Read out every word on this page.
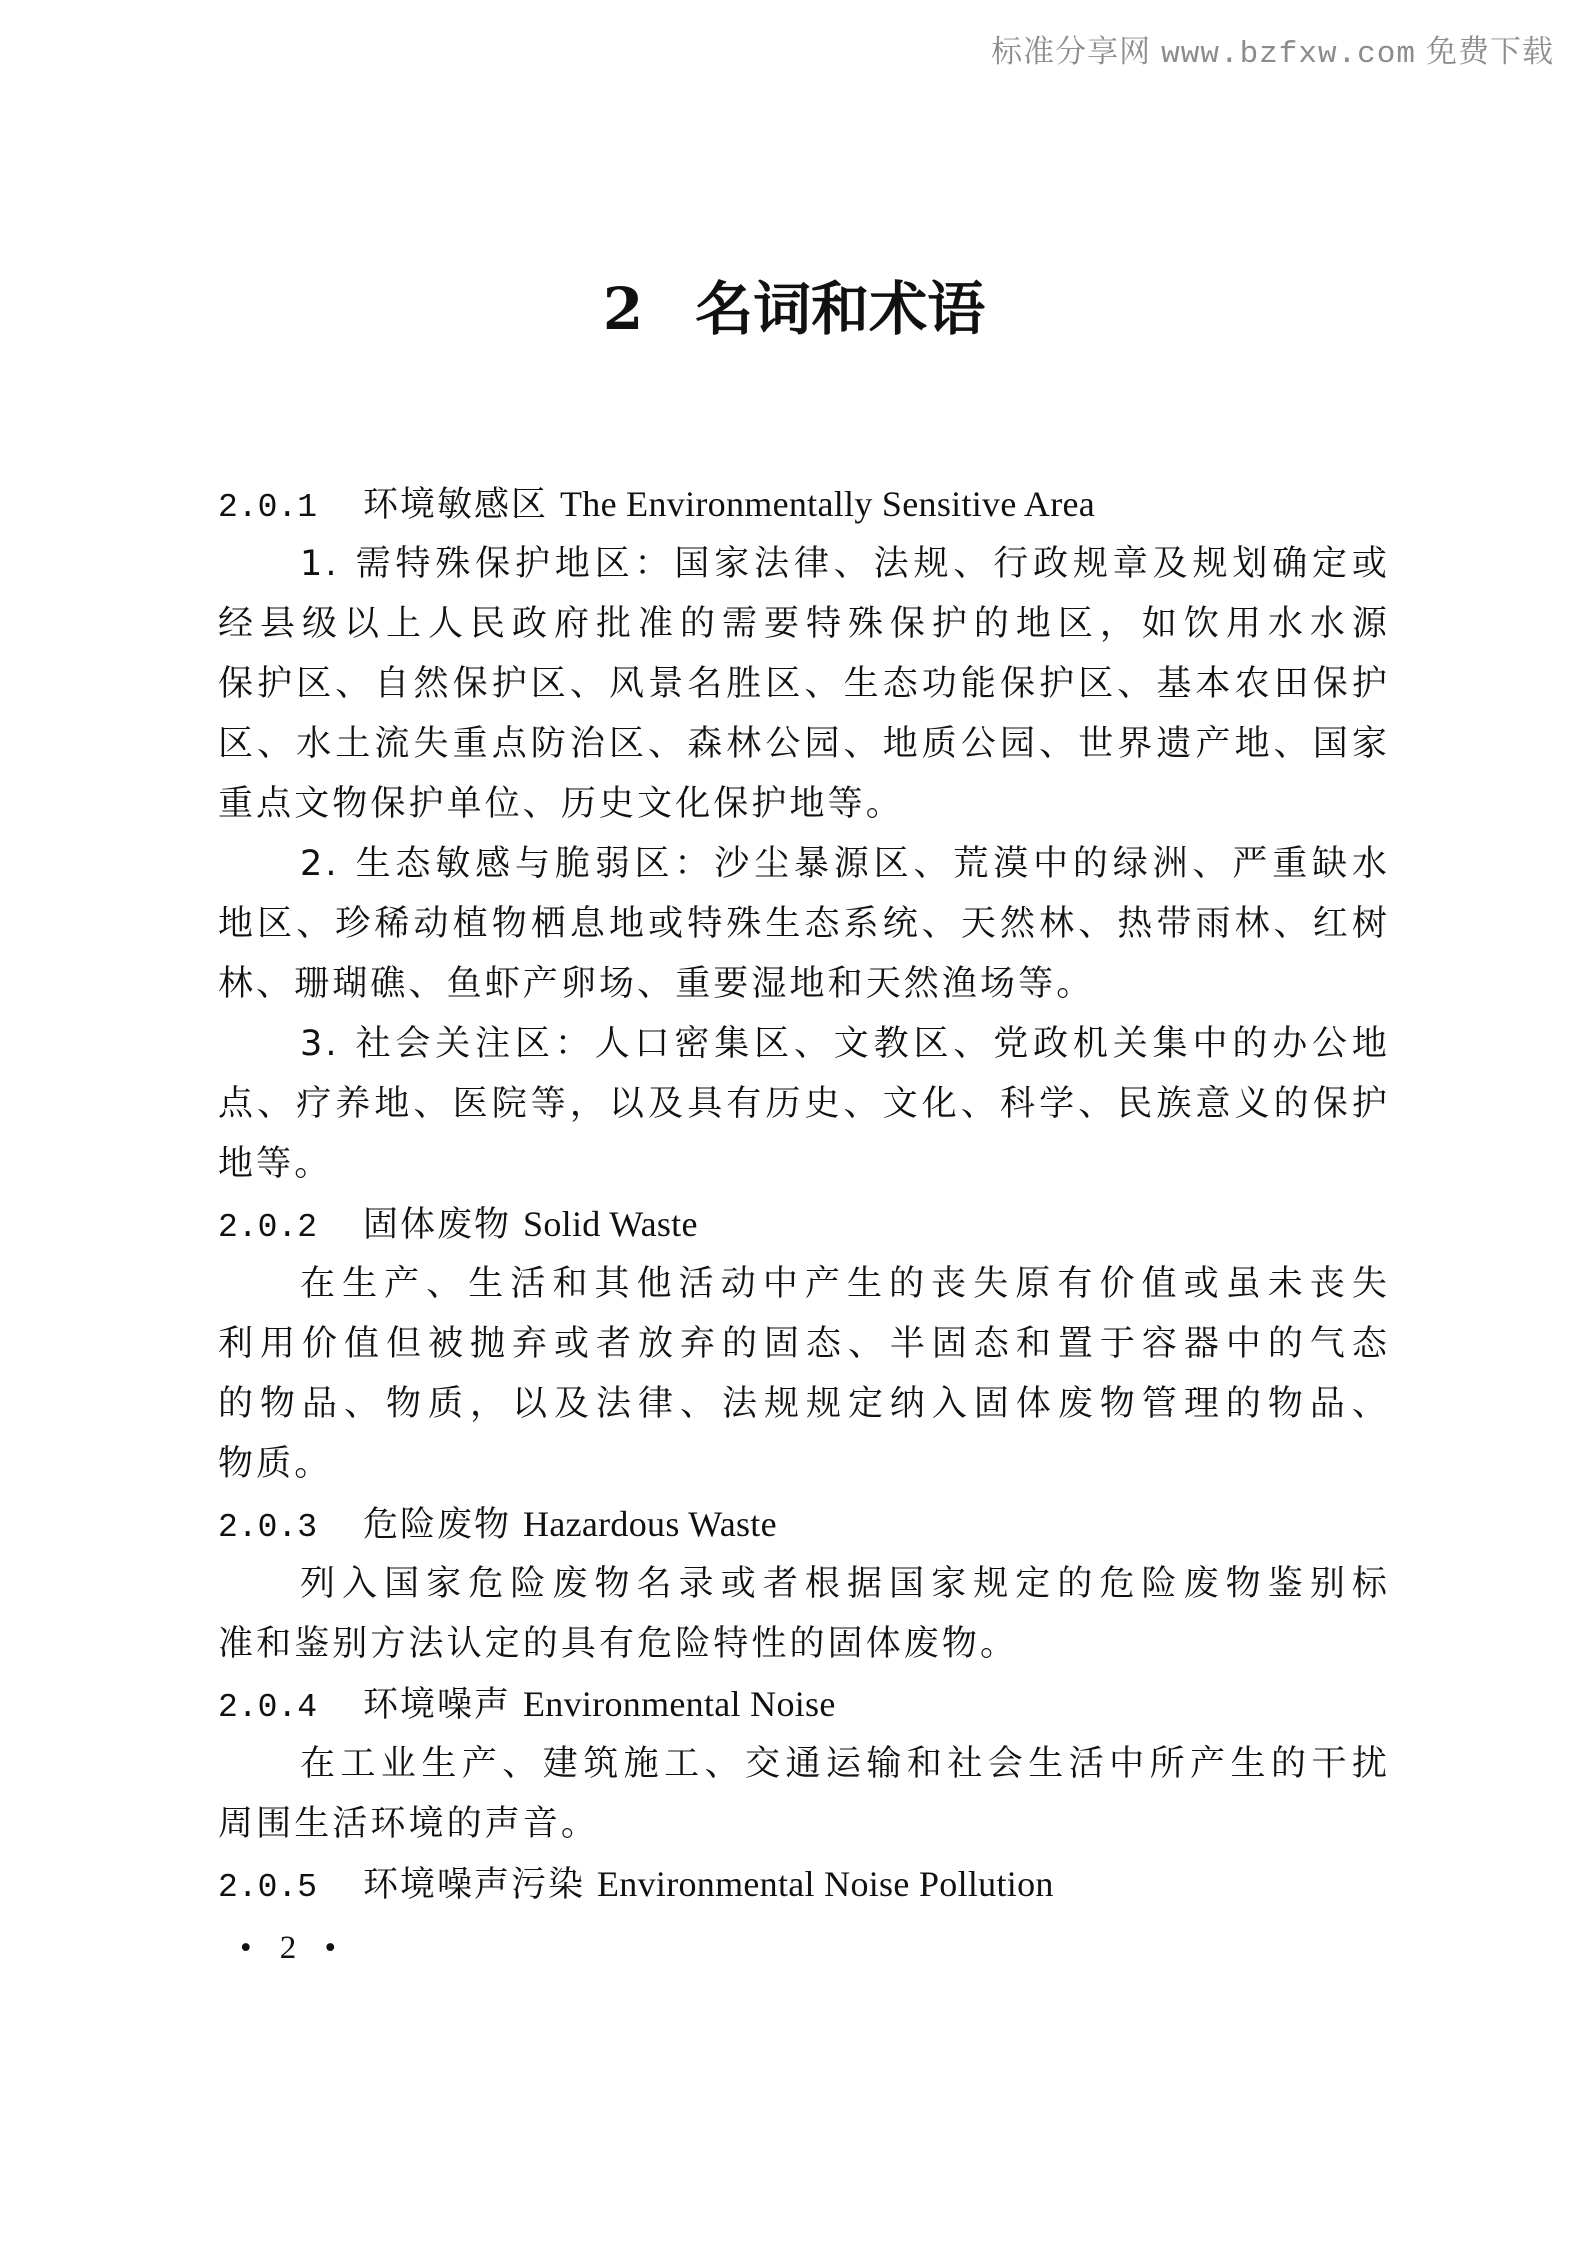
标准分享网 www.bzfxw.com 免费下载
2 名词和术语
2.0.1 环境敏感区 The Environmentally Sensitive Area
1. 需特殊保护地区：国家法律、法规、行政规章及规划确定或
经县级以上人民政府批准的需要特殊保护的地区，如饮用水水源
保护区、自然保护区、风景名胜区、生态功能保护区、基本农田保护
区、水土流失重点防治区、森林公园、地质公园、世界遗产地、国家
重点文物保护单位、历史文化保护地等。
2. 生态敏感与脆弱区：沙尘暴源区、荒漠中的绿洲、严重缺水
地区、珍稀动植物栖息地或特殊生态系统、天然林、热带雨林、红树
林、珊瑚礁、鱼虾产卵场、重要湿地和天然渔场等。
3. 社会关注区：人口密集区、文教区、党政机关集中的办公地
点、疗养地、医院等，以及具有历史、文化、科学、民族意义的保护
地等。
2.0.2 固体废物 Solid Waste
在生产、生活和其他活动中产生的丧失原有价值或虽未丧失
利用价值但被抛弃或者放弃的固态、半固态和置于容器中的气态
的物品、物质，以及法律、法规规定纳入固体废物管理的物品、
物质。
2.0.3 危险废物 Hazardous Waste
列入国家危险废物名录或者根据国家规定的危险废物鉴别标
准和鉴别方法认定的具有危险特性的固体废物。
2.0.4 环境噪声 Environmental Noise
在工业生产、建筑施工、交通运输和社会生活中所产生的干扰
周围生活环境的声音。
2.0.5 环境噪声污染 Environmental Noise Pollution
• 2 •
